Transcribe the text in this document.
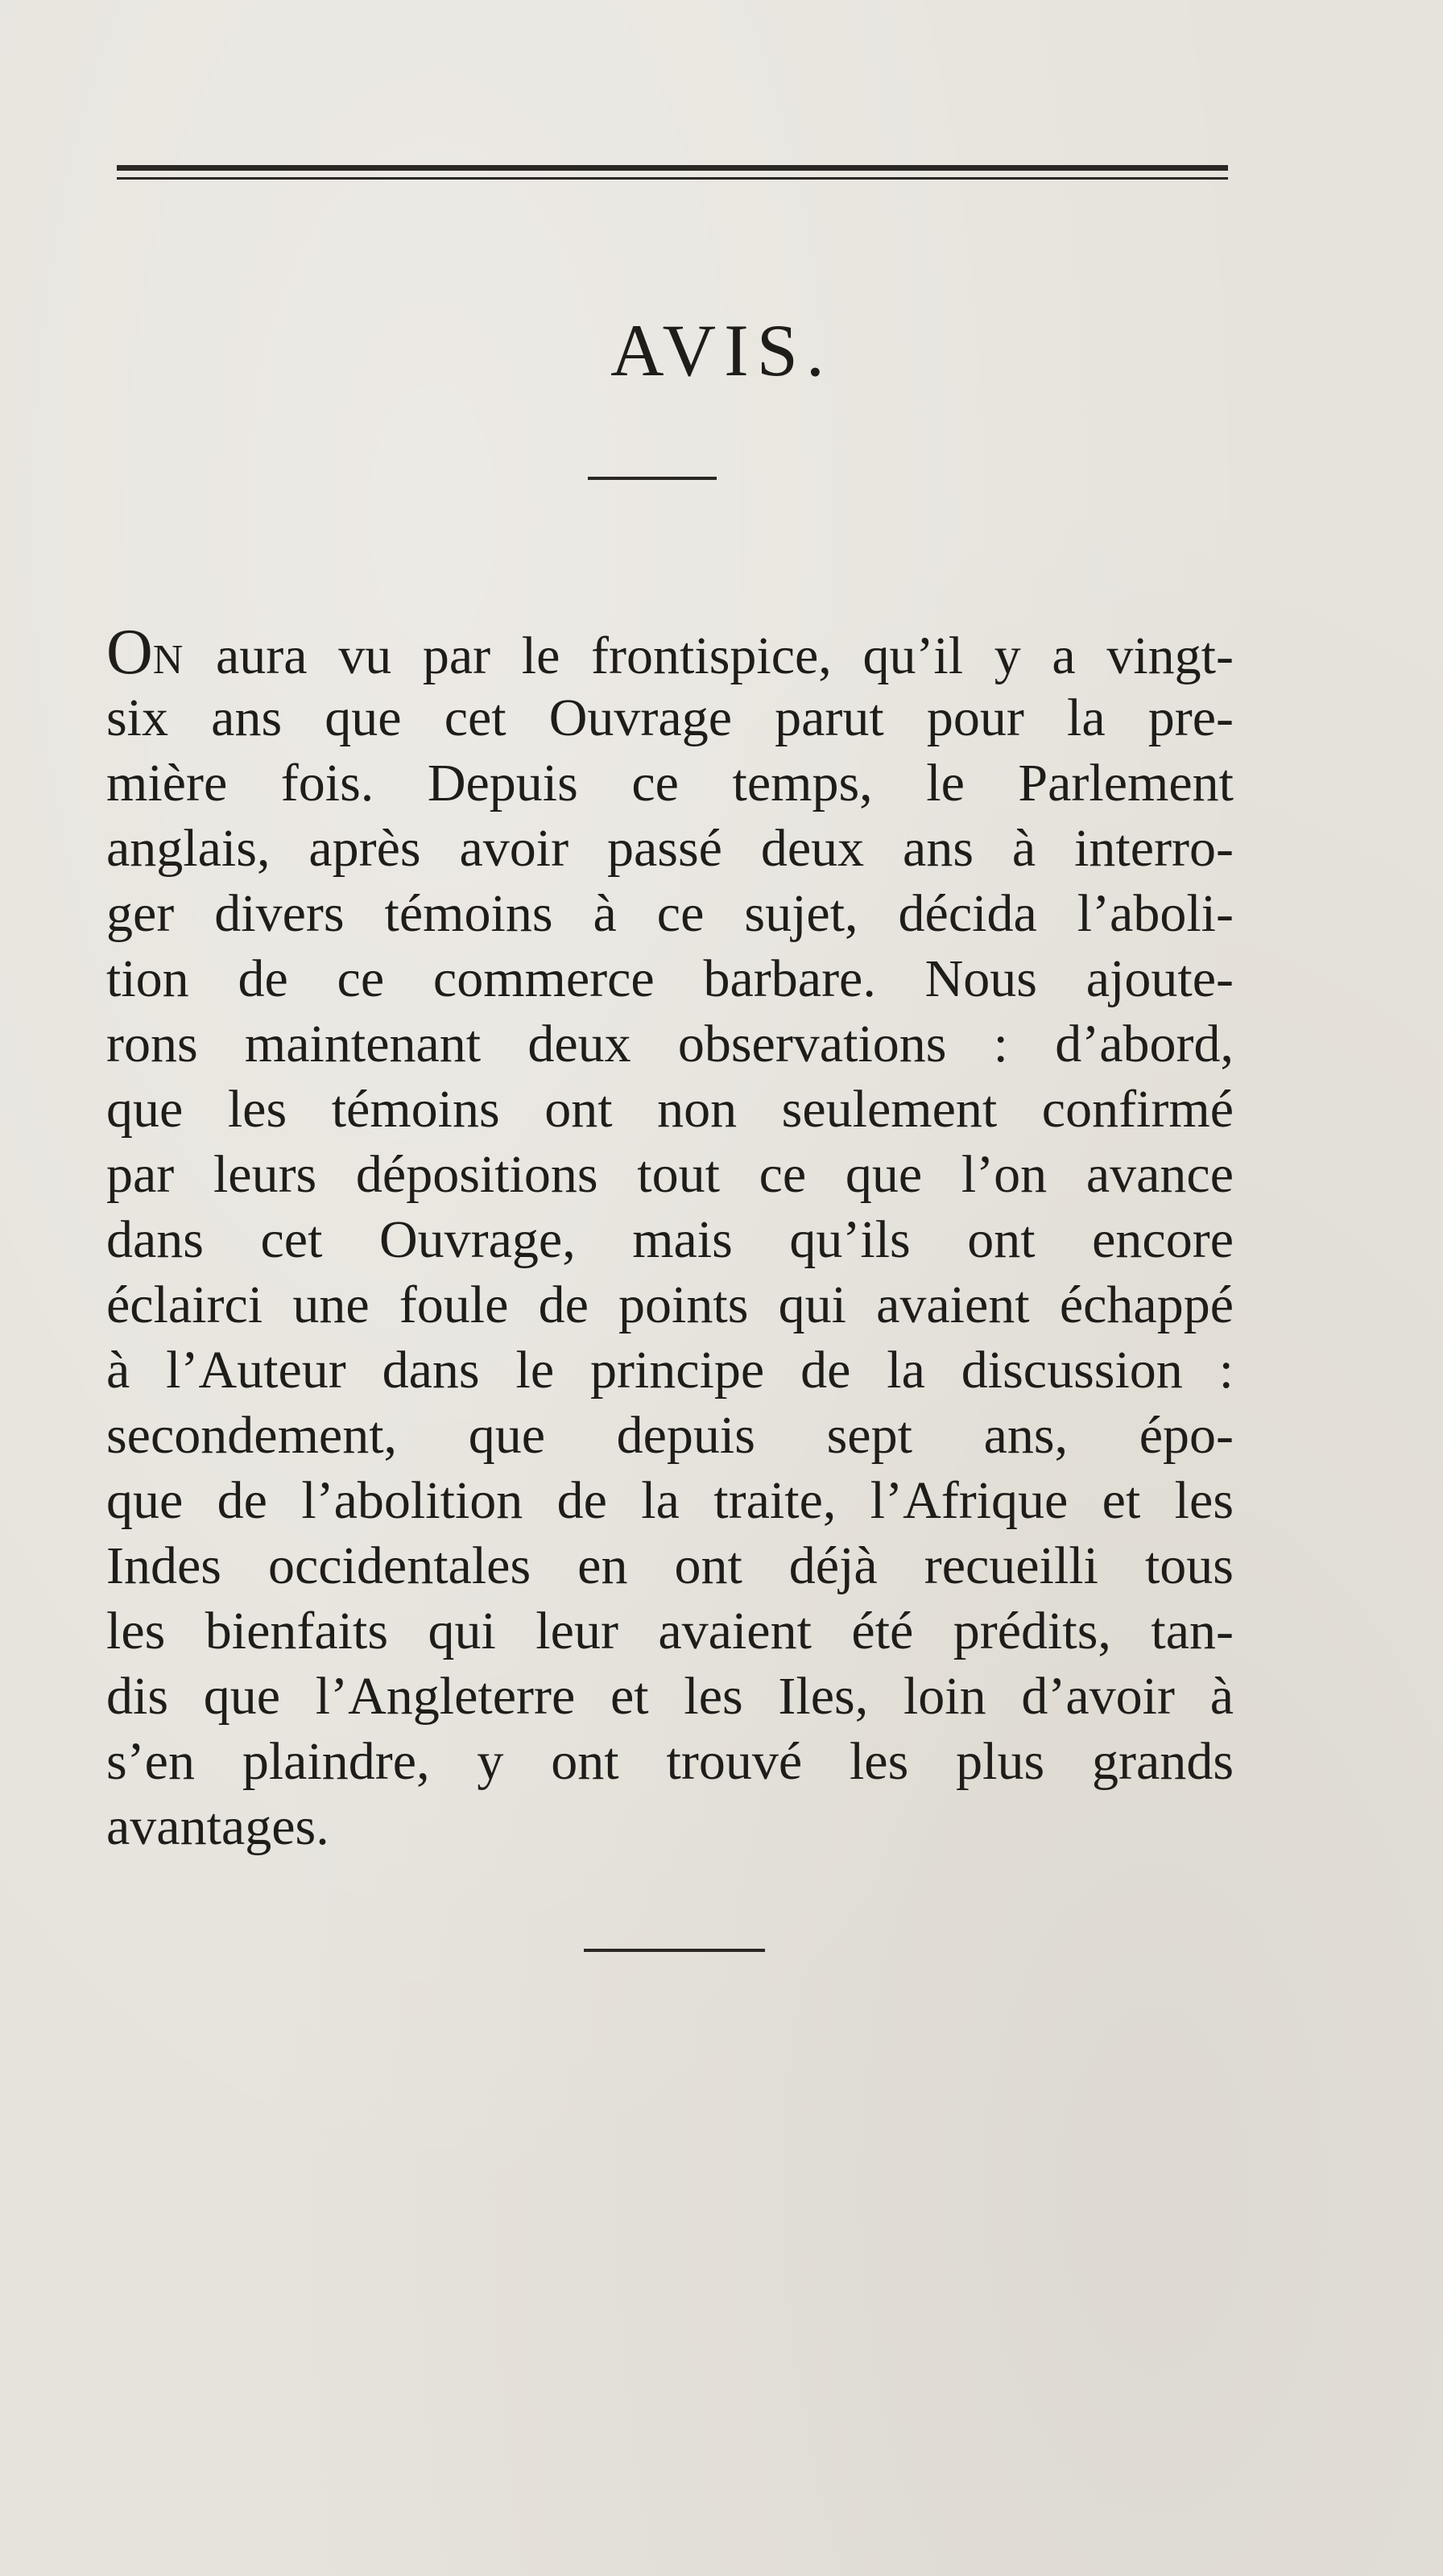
AVIS.
ON aura vu par le frontispice, qu’il y a vingt-
six ans que cet Ouvrage parut pour la pre-
mière fois. Depuis ce temps, le Parlement
anglais, après avoir passé deux ans à interro-
ger divers témoins à ce sujet, décida l’aboli-
tion de ce commerce barbare. Nous ajoute-
rons maintenant deux observations : d’abord,
que les témoins ont non seulement confirmé
par leurs dépositions tout ce que l’on avance
dans cet Ouvrage, mais qu’ils ont encore
éclairci une foule de points qui avaient échappé
à l’Auteur dans le principe de la discussion :
secondement, que depuis sept ans, épo-
que de l’abolition de la traite, l’Afrique et les
Indes occidentales en ont déjà recueilli tous
les bienfaits qui leur avaient été prédits, tan-
dis que l’Angleterre et les Iles, loin d’avoir à
s’en plaindre, y ont trouvé les plus grands
avantages.
